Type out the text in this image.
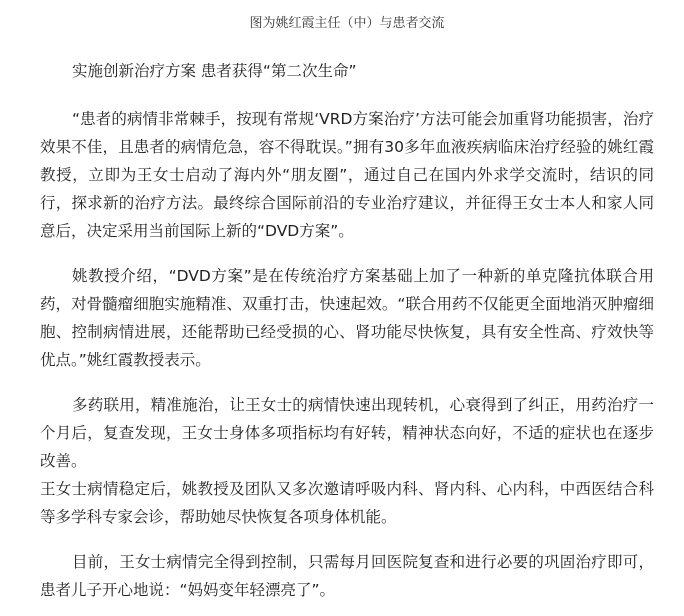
图为姚红霞主任（中）与患者交流
实施创新治疗方案 患者获得“第二次生命”

“患者的病情非常棘手，按现有常规‘VRD方案治疗’方法可能会加重肾功能损害，治疗效果不佳，且患者的病情危急，容不得耽误。”拥有30多年血液疾病临床治疗经验的姚红霞教授，立即为王女士启动了海内外“朋友圈”，通过自己在国内外求学交流时，结识的同行，探求新的治疗方法。最终综合国际前沿的专业治疗建议，并征得王女士本人和家人同意后，决定采用当前国际上新的“DVD方案”。

姚教授介绍，“DVD方案”是在传统治疗方案基础上加了一种新的单克隆抗体联合用药，对骨髓瘤细胞实施精准、双重打击，快速起效。“联合用药不仅能更全面地消灭肿瘤细胞、控制病情进展，还能帮助已经受损的心、肾功能尽快恢复，具有安全性高、疗效快等优点。”姚红霞教授表示。

多药联用，精准施治，让王女士的病情快速出现转机，心衰得到了纠正，用药治疗一个月后，复查发现，王女士身体多项指标均有好转，精神状态向好，不适的症状也在逐步改善。

王女士病情稳定后，姚教授及团队又多次邀请呼吸内科、肾内科、心内科，中西医结合科等多学科专家会诊，帮助她尽快恢复各项身体机能。

目前，王女士病情完全得到控制，只需每月回医院复查和进行必要的巩固治疗即可，患者儿子开心地说：“妈妈变年轻漂亮了”。
